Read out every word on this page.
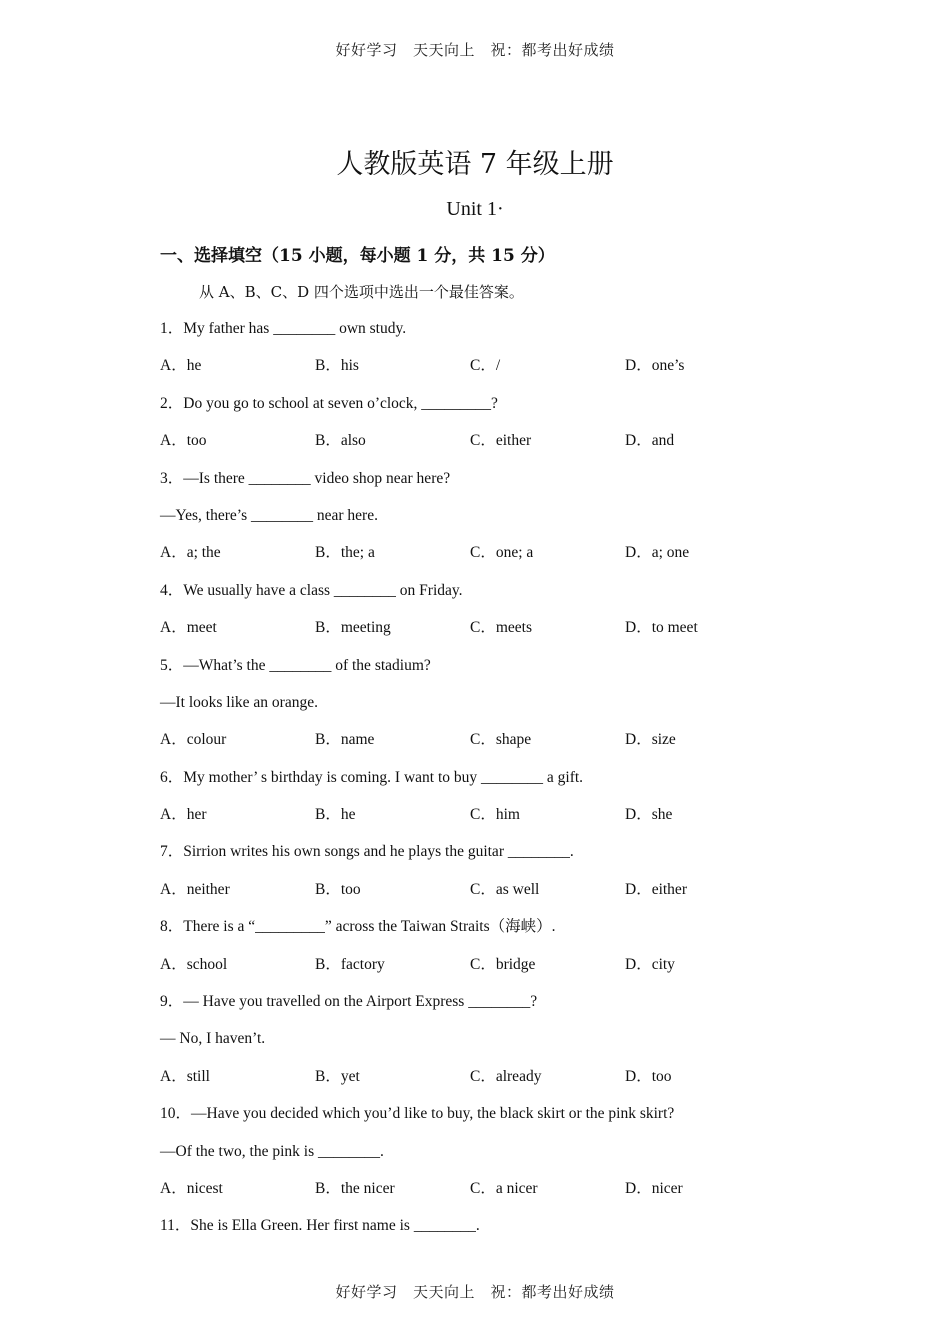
好好学习　天天向上　祝：都考出好成绩
人教版英语 7 年级上册
Unit 1·
一、选择填空（15 小题，每小题 1 分，共 15 分）
从 A、B、C、D 四个选项中选出一个最佳答案。
1．My father has ________ own study.
A．he	B．his	C．/	D．one’s
2．Do you go to school at seven o’clock, _________?
A．too	B．also	C．either	D．and
3．—Is there ________ video shop near here?
—Yes, there’s ________ near here.
A．a; the	B．the; a	C．one; a	D．a; one
4．We usually have a class ________ on Friday.
A．meet	B．meeting	C．meets	D．to meet
5．—What’s the ________ of the stadium?
—It looks like an orange.
A．colour	B．name	C．shape	D．size
6．My mother’ s birthday is coming. I want to buy ________ a gift.
A．her	B．he	C．him	D．she
7．Sirrion writes his own songs and he plays the guitar ________.
A．neither	B．too	C．as well	D．either
8．There is a “_________” across the Taiwan Straits（海峡）.
A．school	B．factory	C．bridge	D．city
9．— Have you travelled on the Airport Express ________?
— No, I haven’t.
A．still	B．yet	C．already	D．too
10．—Have you decided which you’d like to buy, the black skirt or the pink skirt?
—Of the two, the pink is ________.
A．nicest	B．the nicer	C．a nicer	D．nicer
11．She is Ella Green. Her first name is ________.
好好学习　天天向上　祝：都考出好成绩
